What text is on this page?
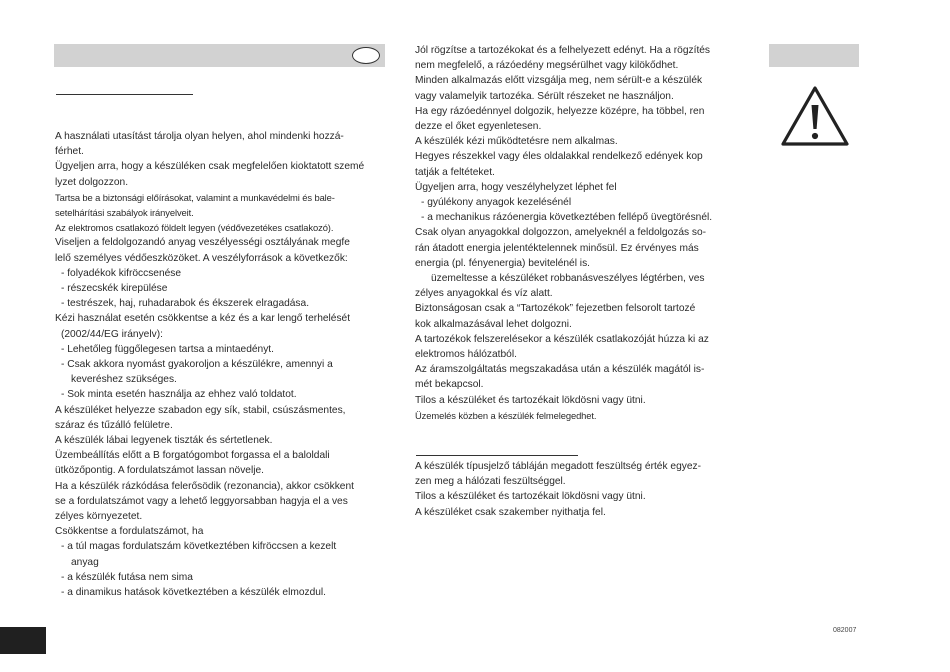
A használati utasítást tárolja olyan helyen, ahol mindenki hozzá-

férhet.

Ügyeljen arra, hogy a készüléken csak megfelelően kioktatott szemé

lyzet dolgozzon.

Tartsa be a biztonsági előírásokat, valamint a munkavédelmi és bale-

setelhárítási szabályok irányelveit.

Az elektromos csatlakozó földelt legyen (védővezetékes csatlakozó).

Viseljen a feldolgozandó anyag veszélyességi osztályának megfe

lelő személyes védőeszközöket. A veszélyforrások a következők:

- folyadékok kifröccsenése

- részecskék kirepülése

- testrészek, haj, ruhadarabok és ékszerek elragadása.

Kézi használat esetén csökkentse a kéz és a kar lengő terhelését

(2002/44/EG irányelv):

- Lehetőleg függőlegesen tartsa a mintaedényt.

- Csak akkora nyomást gyakoroljon a készülékre, amennyi a

keveréshez szükséges.

- Sok minta esetén használja az ehhez való toldatot.

A készüléket helyezze szabadon egy sík, stabil, csúszásmentes,

száraz és tűzálló felületre.

A készülék lábai legyenek tiszták és sértetlenek.

Üzembeállítás előtt a B forgatógombot forgassa el a baloldali

ütközőpontig. A fordulatszámot lassan növelje.

Ha a készülék rázkódása felerősödik (rezonancia), akkor csökkent

se a fordulatszámot vagy a lehető leggyorsabban hagyja el a ves

zélyes környezetet.

Csökkentse a fordulatszámot, ha

- a túl magas fordulatszám következtében kifröccsen a kezelt

anyag

- a készülék futása nem sima

- a dinamikus hatások következtében a készülék elmozdul.

Jól rögzítse a tartozékokat és a felhelyezett edényt. Ha a rögzítés

nem megfelelő, a rázóedény megsérülhet vagy kilökődhet.

Minden alkalmazás előtt vizsgálja meg, nem sérült-e a készülék

vagy valamelyik tartozéka. Sérült részeket ne használjon.

Ha egy rázóedénnyel dolgozik, helyezze középre, ha többel, ren

dezze el őket egyenletesen.

A készülék kézi működtetésre nem alkalmas.

Hegyes részekkel vagy éles oldalakkal rendelkező edények kop

tatják a feltéteket.

Ügyeljen arra, hogy veszélyhelyzet léphet fel

- gyúlékony anyagok kezelésénél

- a mechanikus rázóenergia következtében fellépő üvegtörésnél.

Csak olyan anyagokkal dolgozzon, amelyeknél a feldolgozás so-

rán átadott energia jelentéktelennek minősül. Ez érvényes más

energia (pl. fényenergia) bevitelénél is.

üzemeltesse a készüléket robbanásveszélyes légtérben, ves

zélyes anyagokkal és víz alatt.

Biztonságosan csak a “Tartozékok” fejezetben felsorolt tartozé

kok alkalmazásával lehet dolgozni.

A tartozékok felszerelésekor a készülék csatlakozóját húzza ki az

elektromos hálózatból.

Az áramszolgáltatás megszakadása után a készülék magától is-

mét bekapcsol.

Tilos a készüléket és tartozékait lökdösni vagy ütni.

Üzemelés közben a készülék felmelegedhet.

A készülék típusjelző tábláján megadott feszültség érték egyez-

zen meg a hálózati feszültséggel.

Tilos a készüléket és tartozékait lökdösni vagy ütni.

A készüléket csak szakember nyithatja fel.

082007
